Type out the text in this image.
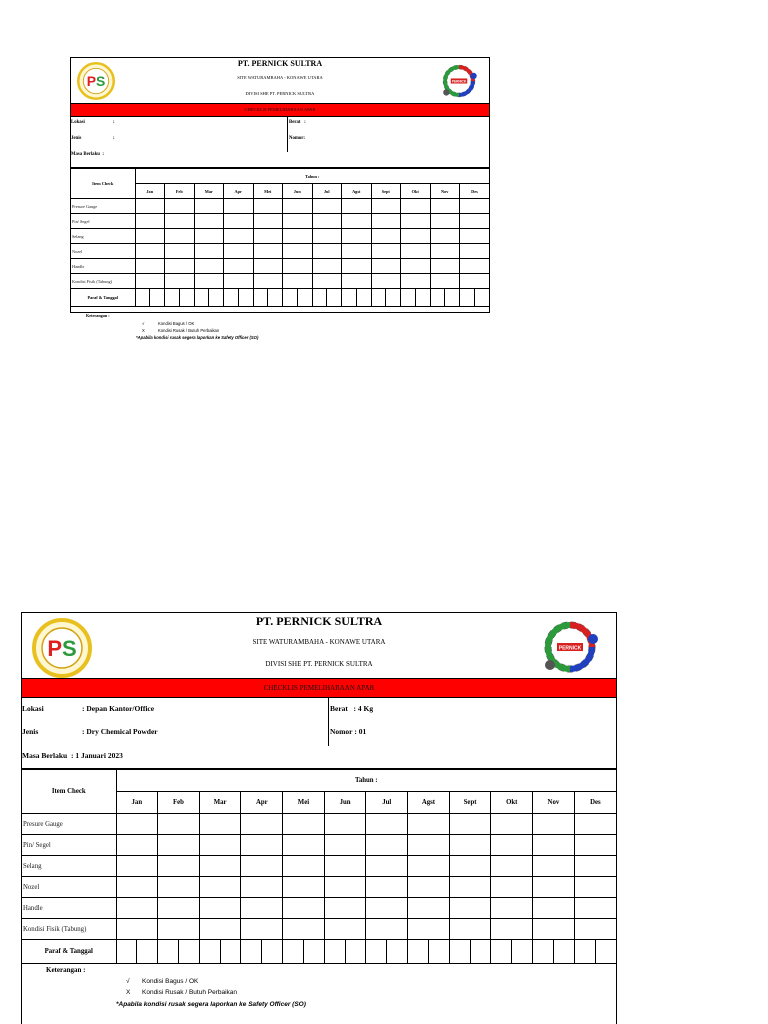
PS
PT. PERNICK SULTRA
SITE WATURAMBAHA - KONAWE UTARA
DIVISI SHE PT. PERNICK SULTRA
PERNICK
CHECKLIS PEMELIHARAAN APAR
Lokasi	:
Jenis	:
Masa Berlaku :
Berat :
Nomor:
Item Check	Tahun :																							
	Jan		Feb		Mar		Apr		Mei		Jun		Jul		Agst		Sept		Okt		Nov		Des	
Presure Gauge																								
Pin/ Segel																								
Selang																								
Nozel																								
Handle																								
Kondisi Fisik (Tabung)																								
Paraf & Tanggal																								
Keterangan :
√	Kondisi Bagus / OK
X	Kondisi Rusak / Butuh Perbaikan
*Apabila kondisi rusak segera laporkan ke Safety Officer (SO)
PS
PT. PERNICK SULTRA
SITE WATURAMBAHA - KONAWE UTARA
DIVISI SHE PT. PERNICK SULTRA
PERNICK
CHECKLIS PEMELIHARAAN APAR
Lokasi	: Depan Kantor/Office
Jenis	: Dry Chemical Powder
Masa Berlaku : 1 Januari 2023
Berat : 4 Kg
Nomor : 01
Item Check	Tahun :																							
	Jan		Feb		Mar		Apr		Mei		Jun		Jul		Agst		Sept		Okt		Nov		Des	
Presure Gauge																								
Pin/ Segel																								
Selang																								
Nozel																								
Handle																								
Kondisi Fisik (Tabung)																								
Paraf & Tanggal																								
Keterangan :
√ Kondisi Bagus / OK
X Kondisi Rusak / Butuh Perbaikan
*Apabila kondisi rusak segera laporkan ke Safety Officer (SO)
